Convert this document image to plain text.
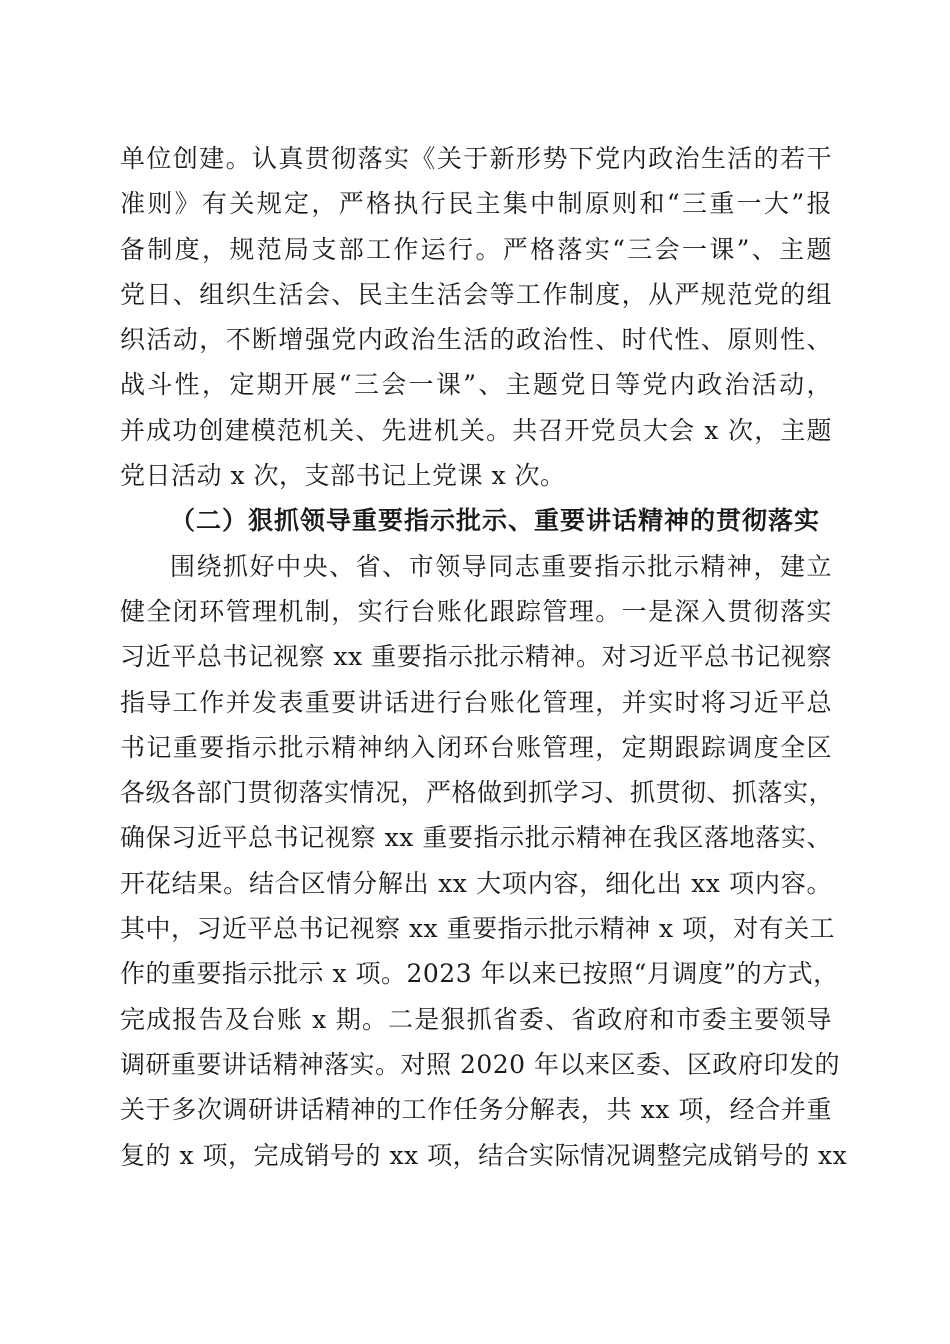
单位创建。认真贯彻落实《关于新形势下党内政治生活的若干
准则》有关规定，严格执行民主集中制原则和“三重一大”报
备制度，规范局支部工作运行。严格落实“三会一课”、主题
党日、组织生活会、民主生活会等工作制度，从严规范党的组
织活动，不断增强党内政治生活的政治性、时代性、原则性、
战斗性，定期开展“三会一课”、主题党日等党内政治活动，
并成功创建模范机关、先进机关。共召开党员大会 x 次，主题
党日活动 x 次，支部书记上党课 x 次。
（二）狠抓领导重要指示批示、重要讲话精神的贯彻落实
围绕抓好中央、省、市领导同志重要指示批示精神，建立
健全闭环管理机制，实行台账化跟踪管理。一是深入贯彻落实
习近平总书记视察 xx 重要指示批示精神。对习近平总书记视察
指导工作并发表重要讲话进行台账化管理，并实时将习近平总
书记重要指示批示精神纳入闭环台账管理，定期跟踪调度全区
各级各部门贯彻落实情况，严格做到抓学习、抓贯彻、抓落实，
确保习近平总书记视察 xx 重要指示批示精神在我区落地落实、
开花结果。结合区情分解出 xx 大项内容，细化出 xx 项内容。
其中，习近平总书记视察 xx 重要指示批示精神 x 项，对有关工
作的重要指示批示 x 项。2023 年以来已按照“月调度”的方式，
完成报告及台账 x 期。二是狠抓省委、省政府和市委主要领导
调研重要讲话精神落实。对照 2020 年以来区委、区政府印发的
关于多次调研讲话精神的工作任务分解表，共 xx 项，经合并重
复的 x 项，完成销号的 xx 项，结合实际情况调整完成销号的 xx
